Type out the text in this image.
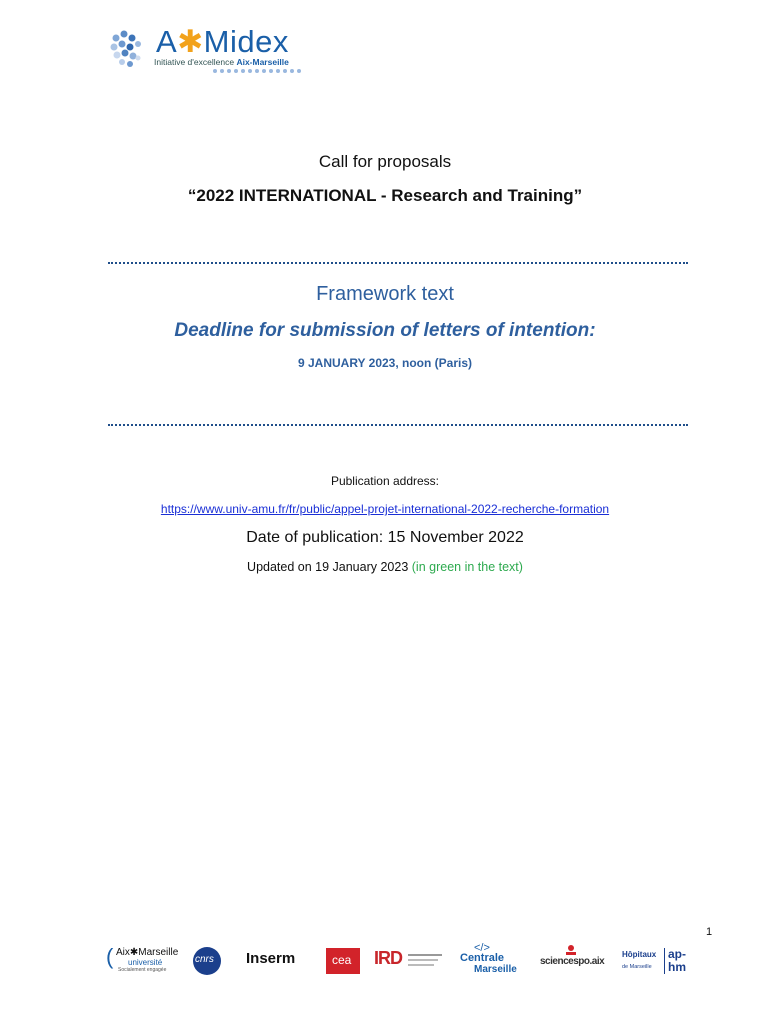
A✱Midex
Initiative d'excellence Aix-Marseille
Call for proposals
“2022 INTERNATIONAL - Research and Training”
Framework text
Deadline for submission of letters of intention:
9 JANUARY 2023, noon (Paris)
Publication address:
https://www.univ-amu.fr/fr/public/appel-projet-international-2022-recherche-formation
Date of publication: 15 November 2022
Updated on 19 January 2023 (in green in the text)
1
( Aix✱Marseille
université
Socialement engagée
cnrs Inserm	cea IRD	</>
Centrale
Marseille
sciencespo.aix
Hôpitaux
de Marseille
ap-
hm
